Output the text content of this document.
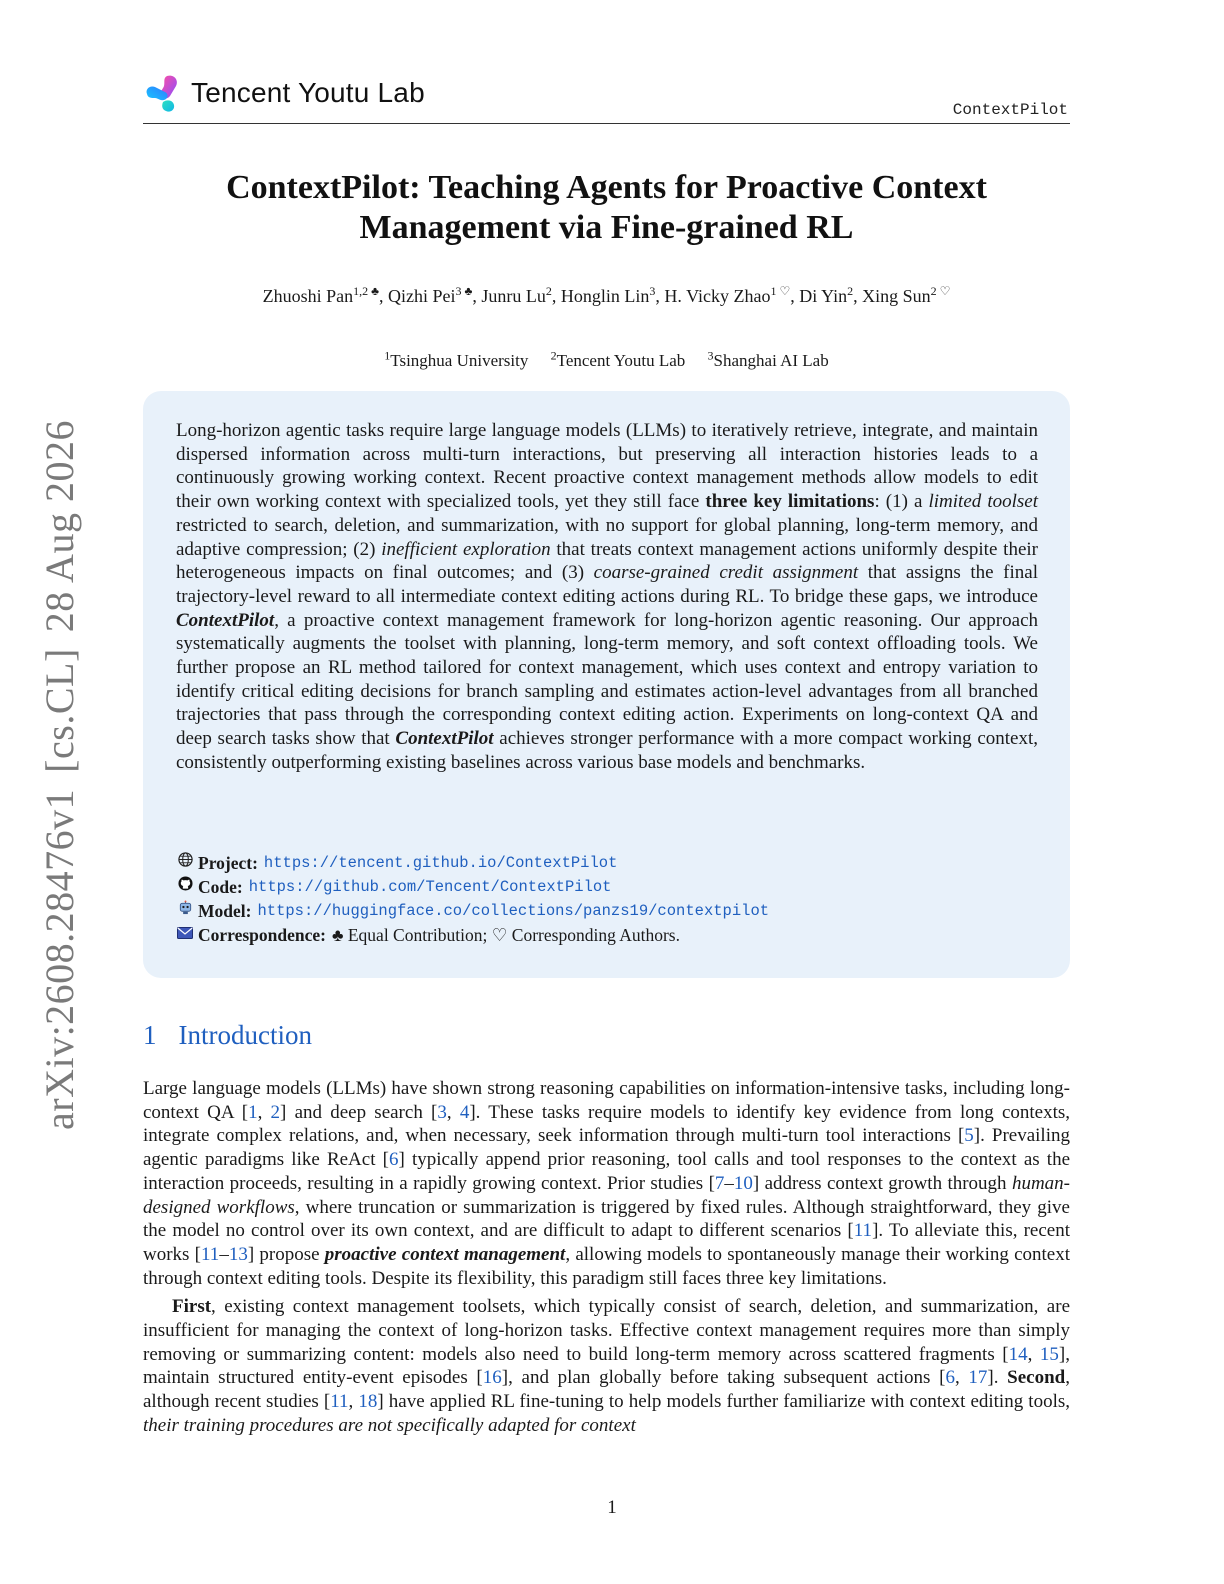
arXiv:2608.28476v1[cs.CL]28 Aug 2026
Tencent Youtu Lab
ContextPilot
ContextPilot: Teaching Agents for Proactive Context
Management via Fine-grained RL
Zhuoshi Pan$^{1,2 ♣}$, Qizhi Pei$^{3 ♣}$, Junru Lu$^2$, Honglin Lin$^3$, H. Vicky Zhao$^{1 ♡}$, Di Yin$^2$, Xing Sun$^{2 ♡}$
$^1$Tsinghua University $^2$Tencent Youtu Lab $^3$Shanghai AI Lab
Long-horizon agentic tasks require large language models (LLMs) to iteratively retrieve, integrate, and maintain dispersed information across multi-turn interactions, but preserving all interaction histories leads to a continuously growing working context. Recent proactive context management methods allow models to edit their own working context with specialized tools, yet they still face three key limitations: (1) a limited toolset restricted to search, deletion, and summarization, with no support for global planning, long-term memory, and adaptive compression; (2) inefficient exploration that treats context management actions uniformly despite their heterogeneous impacts on final outcomes; and (3) coarse-grained credit assignment that assigns the final trajectory-level reward to all intermediate context editing actions during RL. To bridge these gaps, we introduce ContextPilot, a proactive context management framework for long-horizon agentic reasoning. Our approach systematically augments the toolset with planning, long-term memory, and soft context offloading tools. We further propose an RL method tailored for context management, which uses context and entropy variation to identify critical editing decisions for branch sampling and estimates action-level advantages from all branched trajectories that pass through the corresponding context editing action. Experiments on long-context QA and deep search tasks show that ContextPilot achieves stronger performance with a more compact working context, consistently outperforming existing baselines across various base models and benchmarks.
Project: https://tencent.github.io/ContextPilot
Code: https://github.com/Tencent/ContextPilot
Model: https://huggingface.co/collections/panzs19/contextpilot
Correspondence: ♣ Equal Contribution; ♡ Corresponding Authors.
1 Introduction

Large language models (LLMs) have shown strong reasoning capabilities on information-intensive tasks, including long-context QA [1, 2] and deep search [3, 4]. These tasks require models to identify key evidence from long contexts, integrate complex relations, and, when necessary, seek information through multi-turn tool interactions [5]. Prevailing agentic paradigms like ReAct [6] typically append prior reasoning, tool calls and tool responses to the context as the interaction proceeds, resulting in a rapidly growing context. Prior studies [7–10] address context growth through human-designed workflows, where truncation or summarization is triggered by fixed rules. Although straightforward, they give the model no control over its own context, and are difficult to adapt to different scenarios [11]. To alleviate this, recent works [11–13] propose proactive context management, allowing models to spontaneously manage their working context through context editing tools. Despite its flexibility, this paradigm still faces three key limitations.

First, existing context management toolsets, which typically consist of search, deletion, and summarization, are insufficient for managing the context of long-horizon tasks. Effective context management requires more than simply removing or summarizing content: models also need to build long-term memory across scattered fragments [14, 15], maintain structured entity-event episodes [16], and plan globally before taking subsequent actions [6, 17]. Second, although recent studies [11, 18] have applied RL fine-tuning to help models further familiarize with context editing tools, their training procedures are not specifically adapted for context

1
